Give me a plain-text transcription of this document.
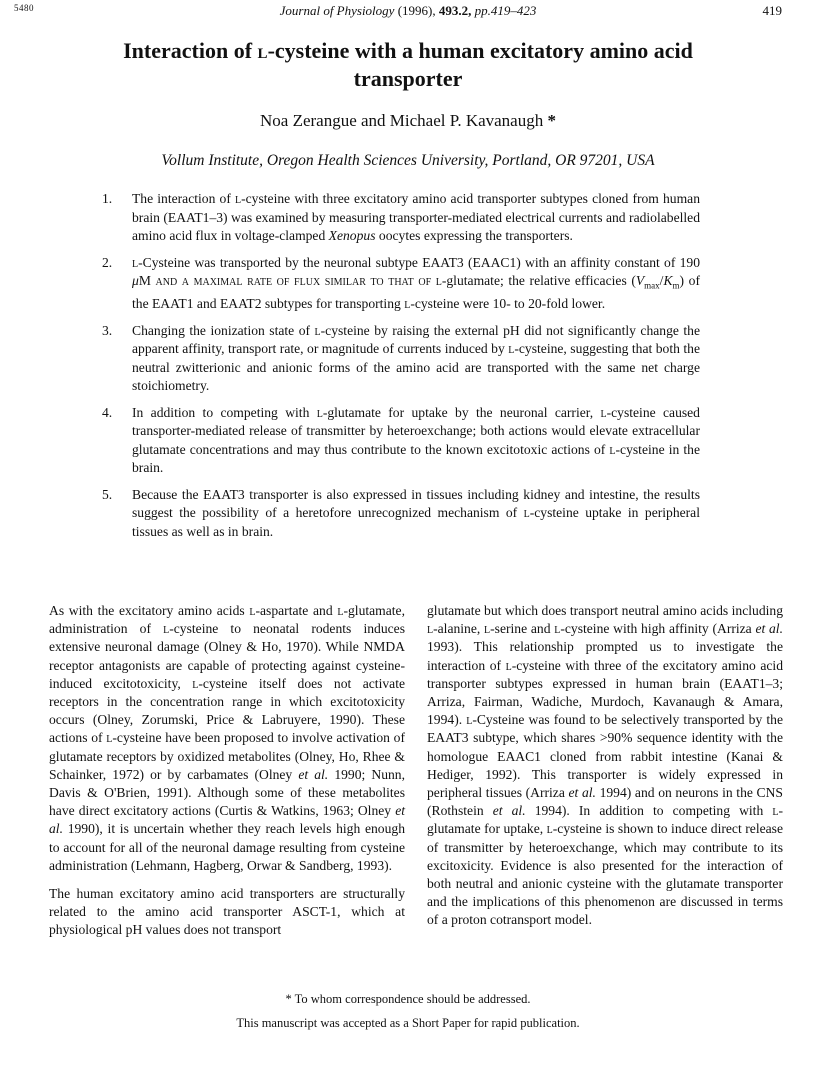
5480	Journal of Physiology (1996), 493.2, pp.419–423	419
Interaction of l-cysteine with a human excitatory amino acid transporter
Noa Zerangue and Michael P. Kavanaugh *
Vollum Institute, Oregon Health Sciences University, Portland, OR 97201, USA
1. The interaction of l-cysteine with three excitatory amino acid transporter subtypes cloned from human brain (EAAT1–3) was examined by measuring transporter-mediated electrical currents and radiolabelled amino acid flux in voltage-clamped Xenopus oocytes expressing the transporters.
2. l-Cysteine was transported by the neuronal subtype EAAT3 (EAAC1) with an affinity constant of 190 μM and a maximal rate of flux similar to that of l-glutamate; the relative efficacies $(V_{max}/K_m)$ of the EAAT1 and EAAT2 subtypes for transporting l-cysteine were 10- to 20-fold lower.
3. Changing the ionization state of l-cysteine by raising the external pH did not significantly change the apparent affinity, transport rate, or magnitude of currents induced by l-cysteine, suggesting that both the neutral zwitterionic and anionic forms of the amino acid are transported with the same net charge stoichiometry.
4. In addition to competing with l-glutamate for uptake by the neuronal carrier, l-cysteine caused transporter-mediated release of transmitter by heteroexchange; both actions would elevate extracellular glutamate concentrations and may thus contribute to the known excitotoxic actions of l-cysteine in the brain.
5. Because the EAAT3 transporter is also expressed in tissues including kidney and intestine, the results suggest the possibility of a heretofore unrecognized mechanism of l-cysteine uptake in peripheral tissues as well as in brain.

As with the excitatory amino acids l-aspartate and l-glutamate, administration of l-cysteine to neonatal rodents induces extensive neuronal damage (Olney & Ho, 1970). While NMDA receptor antagonists are capable of protecting against cysteine-induced excitotoxicity, l-cysteine itself does not activate receptors in the concentration range in which excitotoxicity occurs (Olney, Zorumski, Price & Labruyere, 1990). These actions of l-cysteine have been proposed to involve activation of glutamate receptors by oxidized metabolites (Olney, Ho, Rhee & Schainker, 1972) or by carbamates (Olney et al. 1990; Nunn, Davis & O'Brien, 1991). Although some of these metabolites have direct excitatory actions (Curtis & Watkins, 1963; Olney et al. 1990), it is uncertain whether they reach levels high enough to account for all of the neuronal damage resulting from cysteine administration (Lehmann, Hagberg, Orwar & Sandberg, 1993).

The human excitatory amino acid transporters are structurally related to the amino acid transporter ASCT-1, which at physiological pH values does not transport

glutamate but which does transport neutral amino acids including l-alanine, l-serine and l-cysteine with high affinity (Arriza et al. 1993). This relationship prompted us to investigate the interaction of l-cysteine with three of the excitatory amino acid transporter subtypes expressed in human brain (EAAT1–3; Arriza, Fairman, Wadiche, Murdoch, Kavanaugh & Amara, 1994). l-Cysteine was found to be selectively transported by the EAAT3 subtype, which shares >90% sequence identity with the homologue EAAC1 cloned from rabbit intestine (Kanai & Hediger, 1992). This transporter is widely expressed in peripheral tissues (Arriza et al. 1994) and on neurons in the CNS (Rothstein et al. 1994). In addition to competing with l-glutamate for uptake, l-cysteine is shown to induce direct release of transmitter by heteroexchange, which may contribute to its excitoxicity. Evidence is also presented for the interaction of both neutral and anionic cysteine with the glutamate transporter and the implications of this phenomenon are discussed in terms of a proton cotransport model.

* To whom correspondence should be addressed.
This manuscript was accepted as a Short Paper for rapid publication.
